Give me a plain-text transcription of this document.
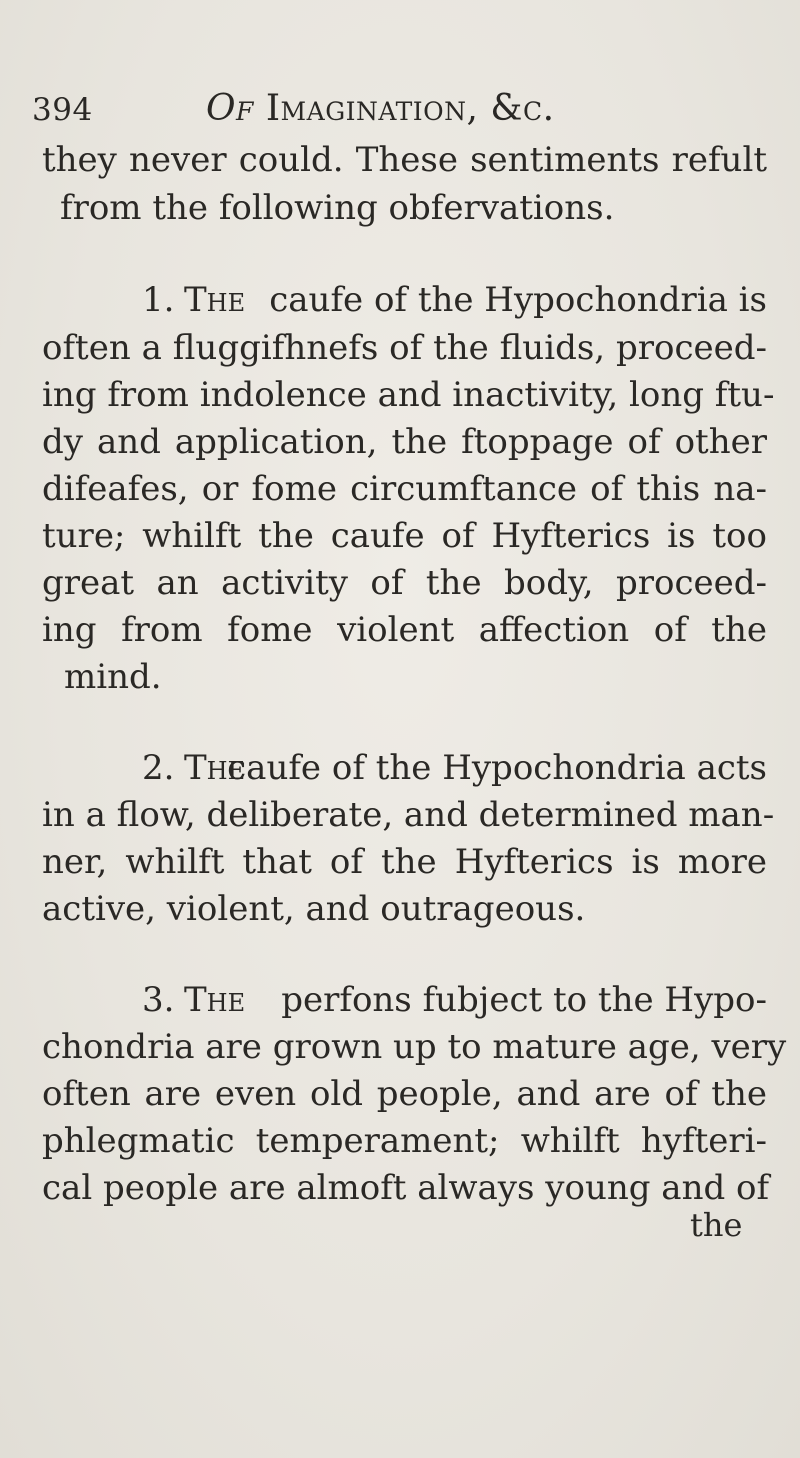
394	Of Imagination, &c.
they never could. These sentiments refult
from the following obfervations.
1. The caufe of the Hypochondria is
often a fluggifhnefs of the fluids, proceed-
ing from indolence and inactivity, long ftu-
dy and application, the ftoppage of other
difeafes, or fome circumftance of this na-
ture; whilft the caufe of Hyfterics is too
great an activity of the body, proceed-
ing from fome violent affection of the
mind.
2. The
caufe of the Hypochondria acts
in a flow, deliberate, and determined man-
ner, whilft that of the Hyfterics is more
active, violent, and outrageous.
3. The perfons fubject to the Hypo-
chondria are grown up to mature age, very
often are even old people, and are of the
phlegmatic temperament; whilft hyfteri-
cal people are almoft always young and of
the
